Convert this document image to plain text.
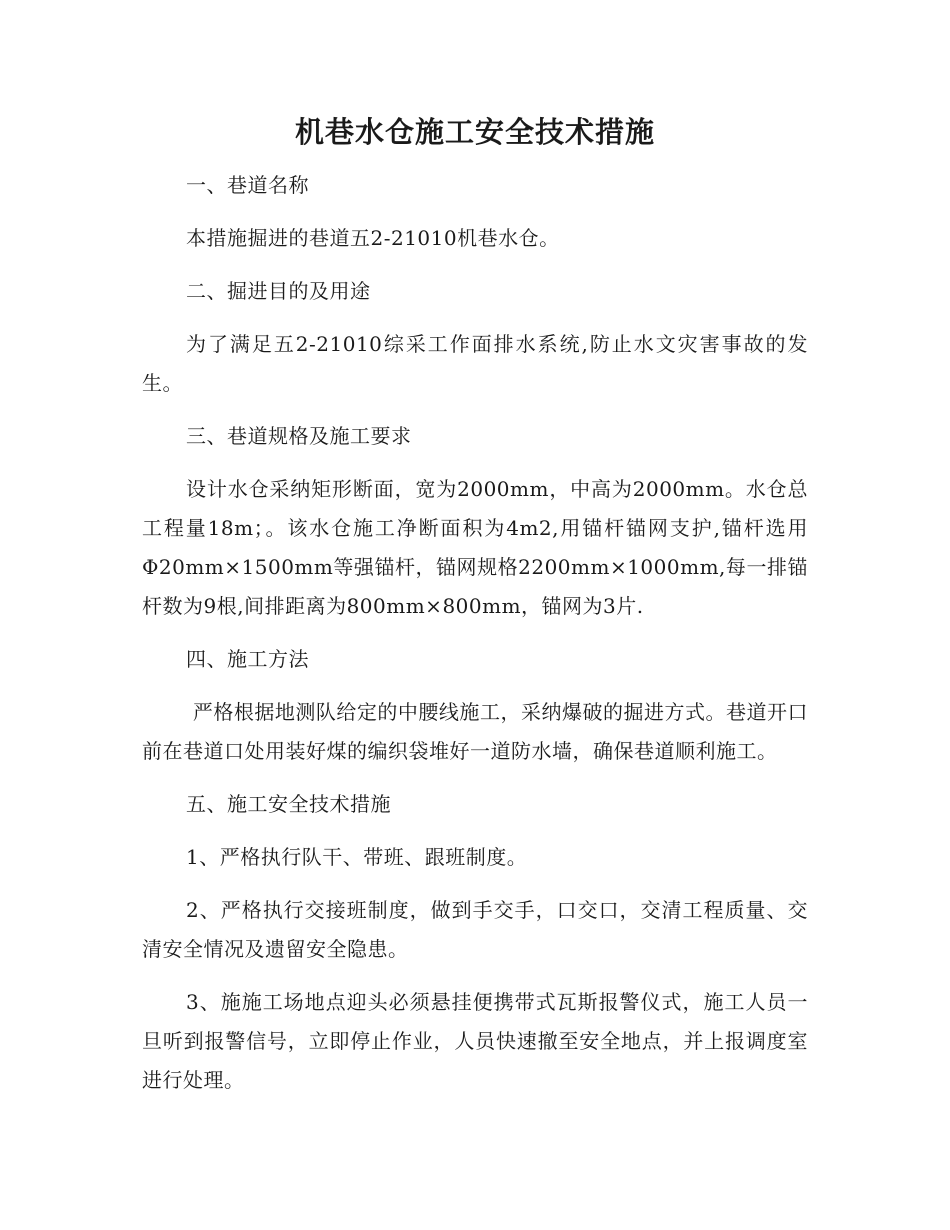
机巷水仓施工安全技术措施

一、巷道名称

本措施掘进的巷道五2-21010机巷水仓。

二、掘进目的及用途

为了满足五2-21010综采工作面排水系统,防止水文灾害事故的发生。

三、巷道规格及施工要求

设计水仓采纳矩形断面，宽为2000mm，中高为2000mm。水仓总工程量18m；。该水仓施工净断面积为4m2,用锚杆锚网支护,锚杆选用Φ20mm×1500mm等强锚杆，锚网规格2200mm×1000mm,每一排锚杆数为9根,间排距离为800mm×800mm，锚网为3片.

四、施工方法

严格根据地测队给定的中腰线施工，采纳爆破的掘进方式。巷道开口前在巷道口处用装好煤的编织袋堆好一道防水墙，确保巷道顺利施工。

五、施工安全技术措施

1、严格执行队干、带班、跟班制度。

2、严格执行交接班制度，做到手交手，口交口，交清工程质量、交清安全情况及遗留安全隐患。

3、施施工场地点迎头必须悬挂便携带式瓦斯报警仪式，施工人员一旦听到报警信号，立即停止作业，人员快速撤至安全地点，并上报调度室进行处理。
